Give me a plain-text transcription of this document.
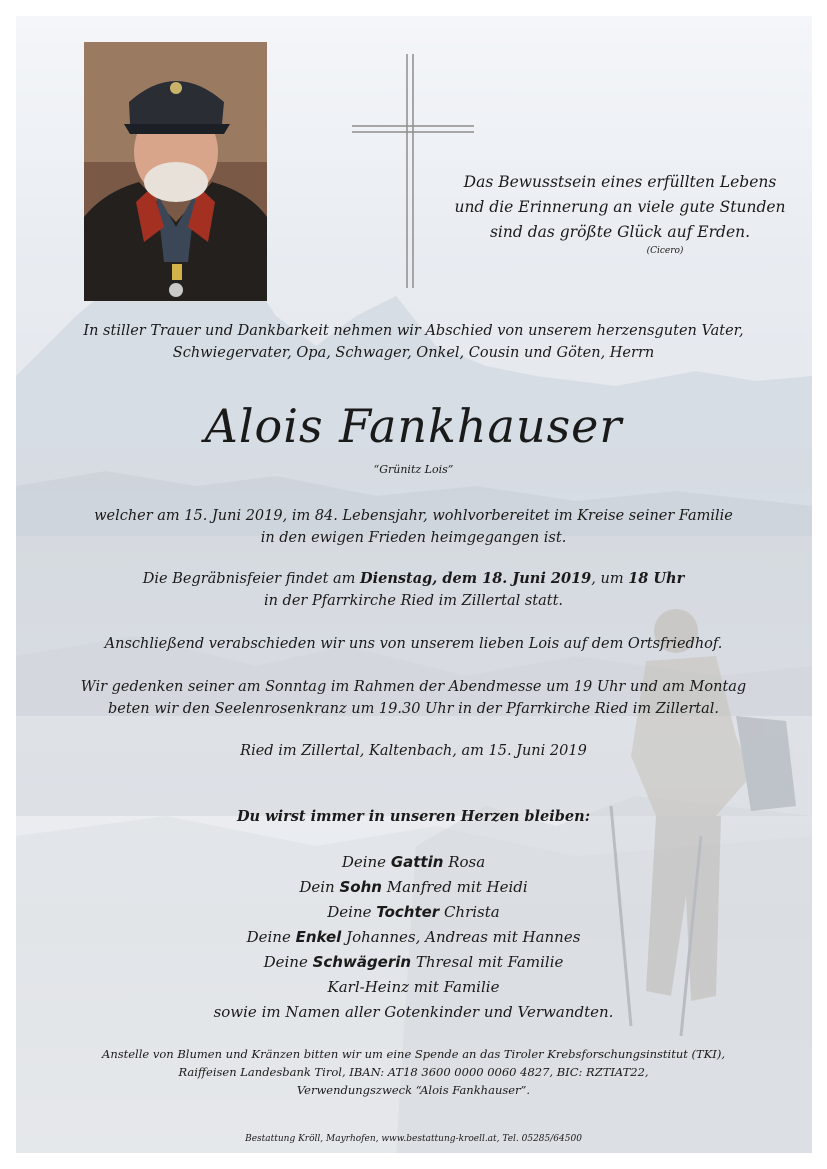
Das Bewusstsein eines erfüllten Lebens
und die Erinnerung an viele gute Stunden
sind das größte Glück auf Erden.
(Cicero)
In stiller Trauer und Dankbarkeit nehmen wir Abschied von unserem herzensguten Vater,
Schwiegervater, Opa, Schwager, Onkel, Cousin und Göten, Herrn
Alois Fankhauser
“Grünitz Lois”
welcher am 15. Juni 2019, im 84. Lebensjahr, wohlvorbereitet im Kreise seiner Familie
in den ewigen Frieden heimgegangen ist.
Die Begräbnisfeier findet am Dienstag, dem 18. Juni 2019, um 18 Uhr
in der Pfarrkirche Ried im Zillertal statt.
Anschließend verabschieden wir uns von unserem lieben Lois auf dem Ortsfriedhof.
Wir gedenken seiner am Sonntag im Rahmen der Abendmesse um 19 Uhr und am Montag
beten wir den Seelenrosenkranz um 19.30 Uhr in der Pfarrkirche Ried im Zillertal.
Ried im Zillertal, Kaltenbach, am 15. Juni 2019
Du wirst immer in unseren Herzen bleiben:
Deine Gattin Rosa
Dein Sohn Manfred mit Heidi
Deine Tochter Christa
Deine Enkel Johannes, Andreas mit Hannes
Deine Schwägerin Thresal mit Familie
Karl-Heinz mit Familie
sowie im Namen aller Gotenkinder und Verwandten.
Anstelle von Blumen und Kränzen bitten wir um eine Spende an das Tiroler Krebsforschungsinstitut (TKI),
Raiffeisen Landesbank Tirol, IBAN: AT18 3600 0000 0060 4827, BIC: RZTIAT22,
Verwendungszweck “Alois Fankhauser”.
Bestattung Kröll, Mayrhofen, www.bestattung-kroell.at, Tel. 05285/64500
